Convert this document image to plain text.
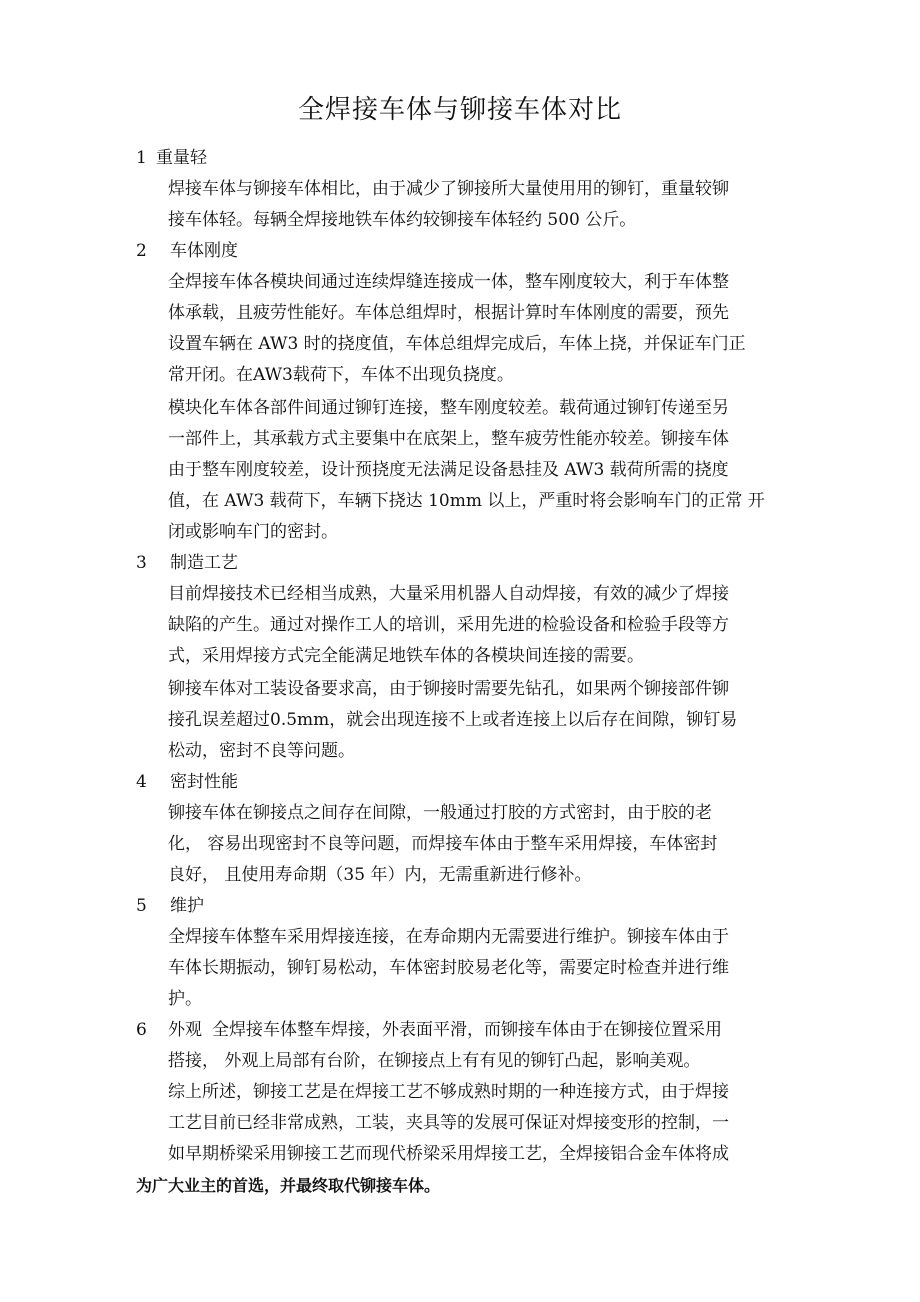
全焊接车体与铆接车体对比

1 重量轻

焊接车体与铆接车体相比，由于减少了铆接所大量使用用的铆钉，重量较铆
接车体轻。每辆全焊接地铁车体约较铆接车体轻约 500 公斤。

2 车体刚度

全焊接车体各模块间通过连续焊缝连接成一体，整车刚度较大，利于车体整
体承载，且疲劳性能好。车体总组焊时，根据计算时车体刚度的需要，预先
设置车辆在 AW3 时的挠度值，车体总组焊完成后，车体上挠，并保证车门正
常开闭。在AW3载荷下，车体不出现负挠度。

模块化车体各部件间通过铆钉连接，整车刚度较差。载荷通过铆钉传递至另
一部件上，其承载方式主要集中在底架上，整车疲劳性能亦较差。铆接车体
由于整车刚度较差，设计预挠度无法满足设备悬挂及 AW3 载荷所需的挠度
值，在 AW3 载荷下，车辆下挠达 10mm 以上，严重时将会影响车门的正常 开
闭或影响车门的密封。

3 制造工艺

目前焊接技术已经相当成熟，大量采用机器人自动焊接，有效的减少了焊接
缺陷的产生。通过对操作工人的培训，采用先进的检验设备和检验手段等方
式，采用焊接方式完全能满足地铁车体的各模块间连接的需要。

铆接车体对工装设备要求高，由于铆接时需要先钻孔，如果两个铆接部件铆
接孔误差超过0.5mm，就会出现连接不上或者连接上以后存在间隙，铆钉易
松动，密封不良等问题。

4 密封性能

铆接车体在铆接点之间存在间隙，一般通过打胶的方式密封，由于胶的老
化， 容易出现密封不良等问题，而焊接车体由于整车采用焊接，车体密封
良好， 且使用寿命期（35 年）内，无需重新进行修补。

5 维护

全焊接车体整车采用焊接连接，在寿命期内无需要进行维护。铆接车体由于
车体长期振动，铆钉易松动，车体密封胶易老化等，需要定时检查并进行维
护。

6 外观 全焊接车体整车焊接，外表面平滑，而铆接车体由于在铆接位置采用

搭接， 外观上局部有台阶，在铆接点上有有见的铆钉凸起，影响美观。

综上所述，铆接工艺是在焊接工艺不够成熟时期的一种连接方式，由于焊接
工艺目前已经非常成熟，工装，夹具等的发展可保证对焊接变形的控制，一
如早期桥梁采用铆接工艺而现代桥梁采用焊接工艺，全焊接铝合金车体将成

为广大业主的首选，并最终取代铆接车体。
